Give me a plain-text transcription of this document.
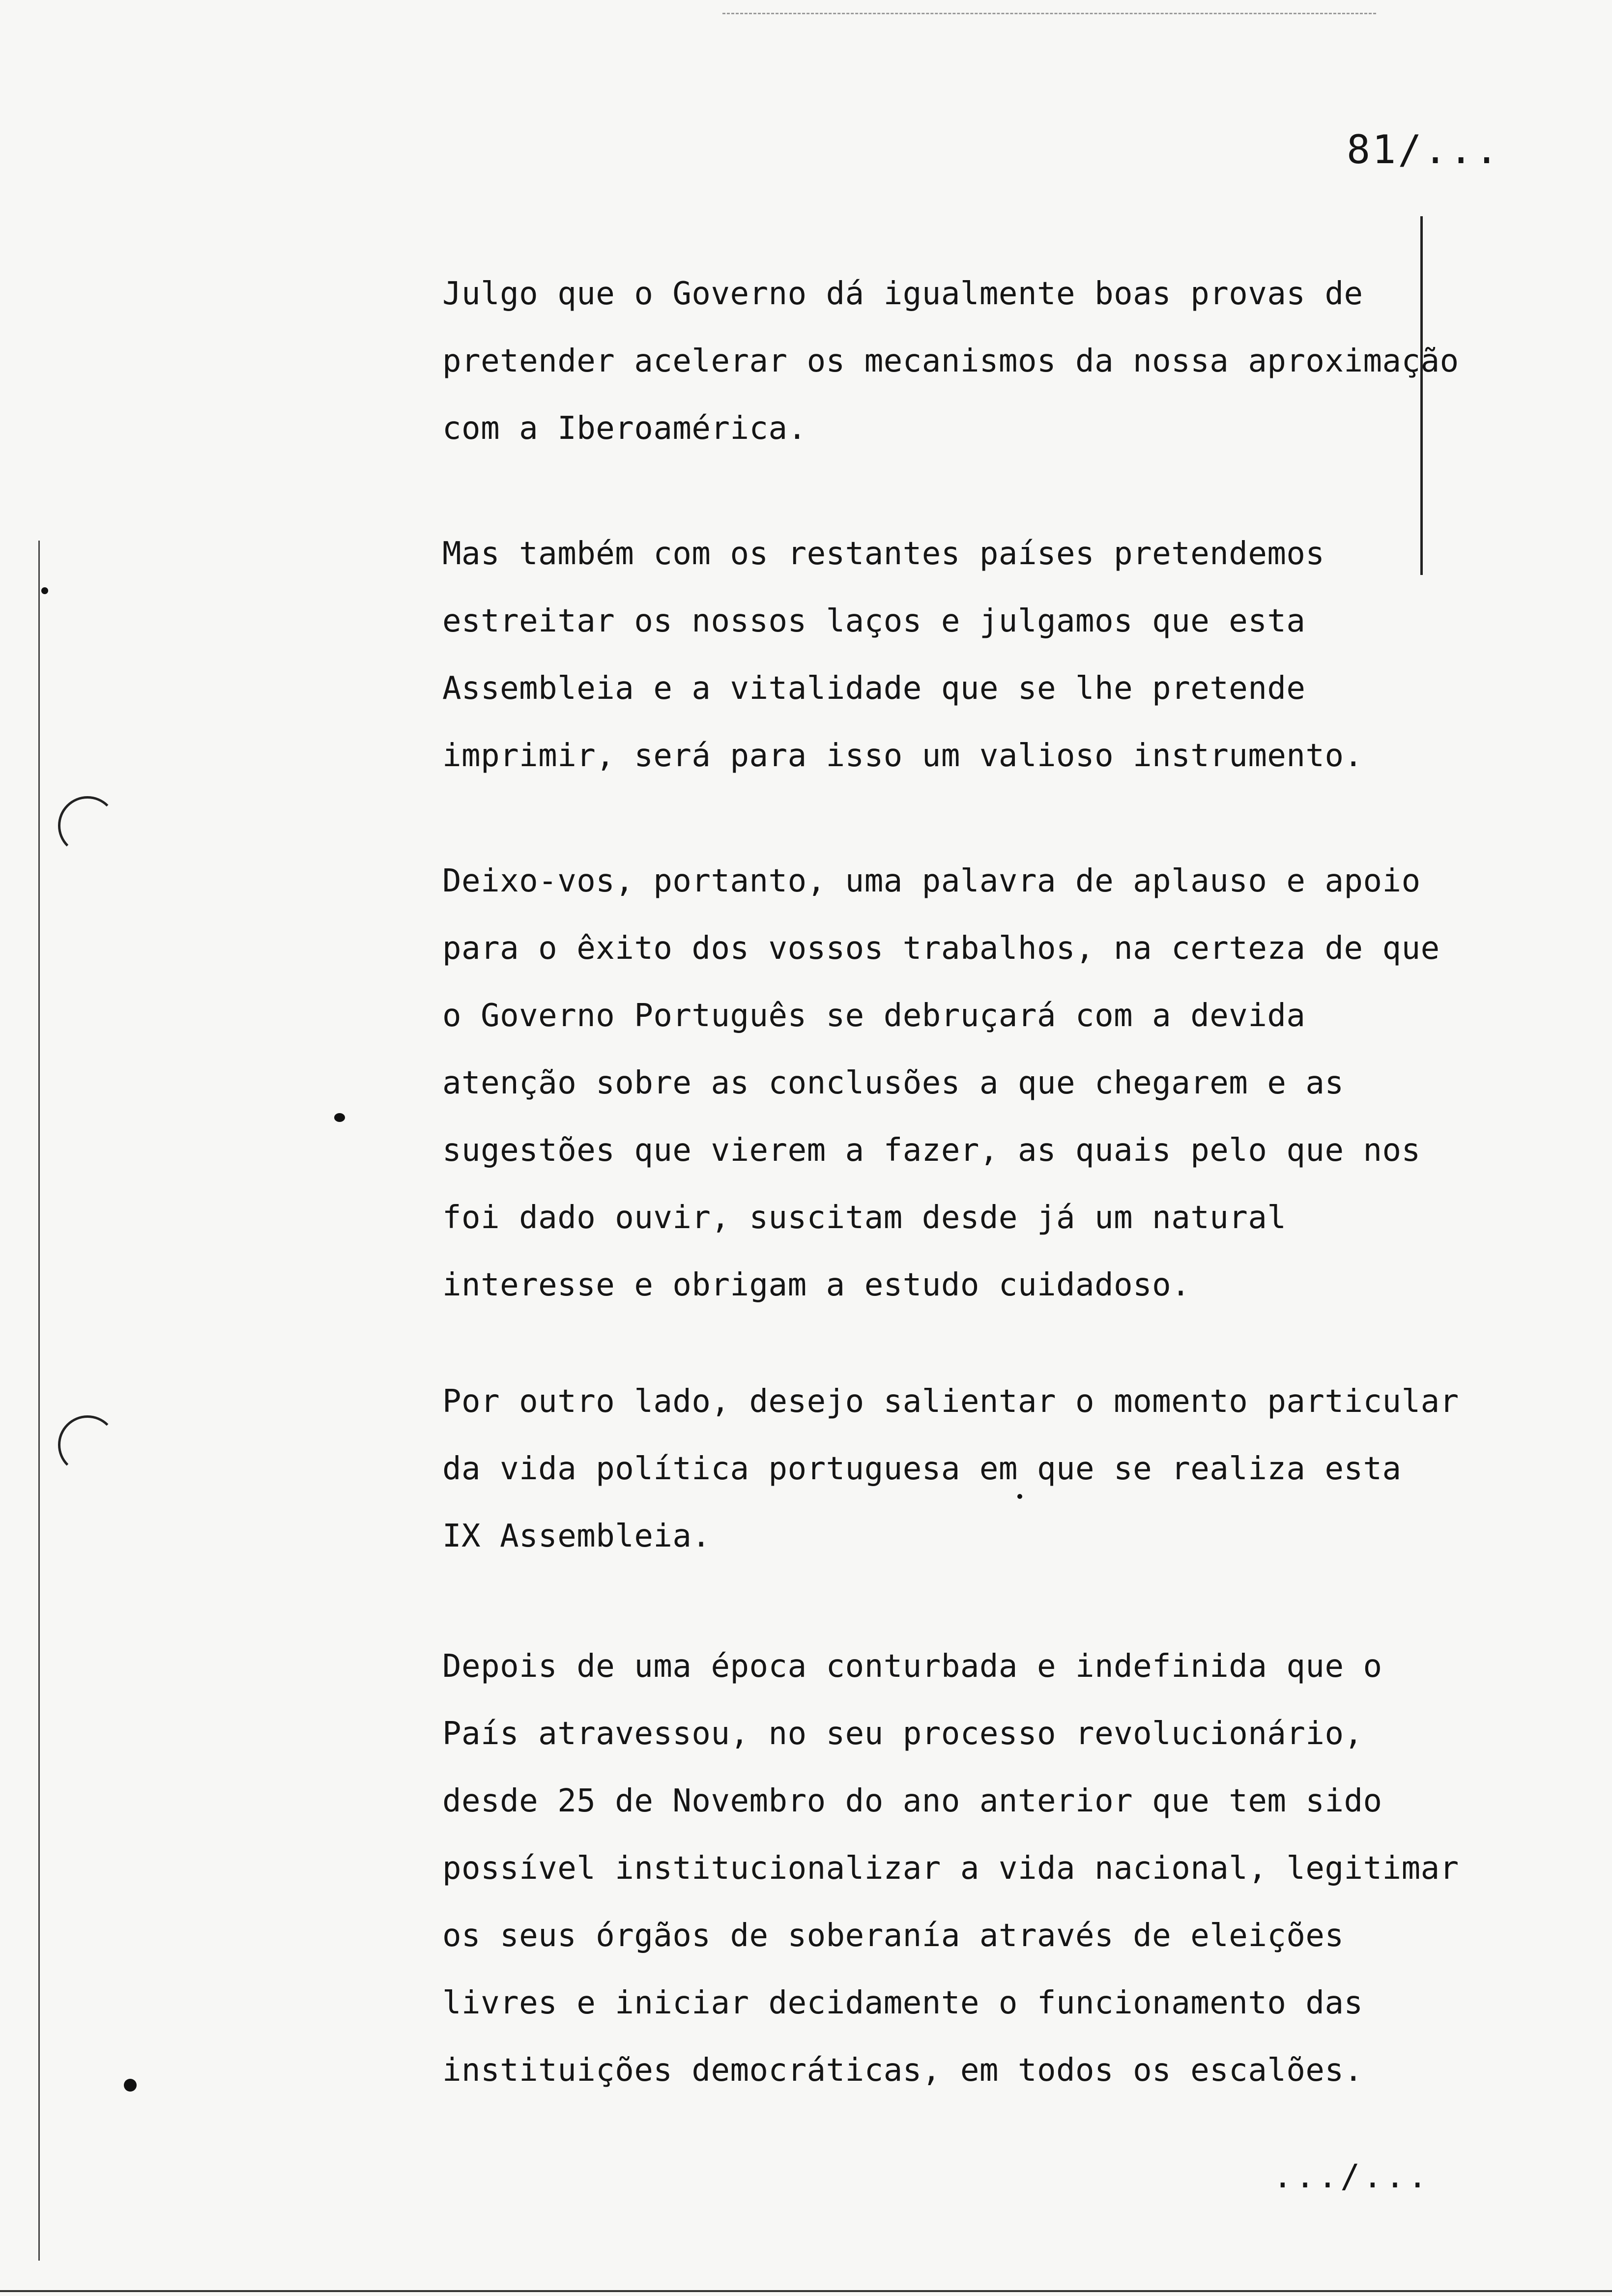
81/...
Julgo que o Governo dá igualmente boas provas de
pretender acelerar os mecanismos da nossa aproximação
com a Iberoamérica.
Mas também com os restantes países pretendemos
estreitar os nossos laços e julgamos que esta
Assembleia e a vitalidade que se lhe pretende
imprimir, será para isso um valioso instrumento.
Deixo-vos, portanto, uma palavra de aplauso e apoio
para o êxito dos vossos trabalhos, na certeza de que
o Governo Português se debruçará com a devida
atenção sobre as conclusões a que chegarem e as
sugestões que vierem a fazer, as quais pelo que nos
foi dado ouvir, suscitam desde já um natural
interesse e obrigam a estudo cuidadoso.
Por outro lado, desejo salientar o momento particular
da vida política portuguesa em que se realiza esta
IX Assembleia.
Depois de uma época conturbada e indefinida que o
País atravessou, no seu processo revolucionário,
desde 25 de Novembro do ano anterior que tem sido
possível institucionalizar a vida nacional, legitimar
os seus órgãos de soberanía através de eleições
livres e iniciar decidamente o funcionamento das
instituições democráticas, em todos os escalões.
.../...
